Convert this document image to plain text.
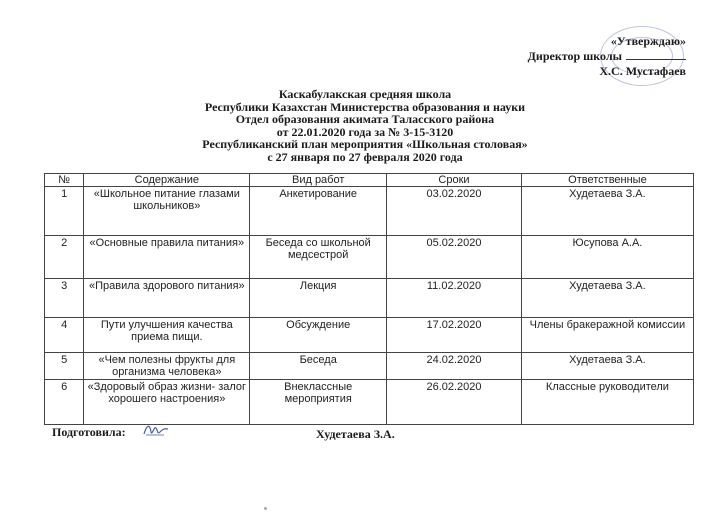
«Утверждаю»
Директор школы
Х.С. Мустафаев
Каскабулакская средняя школа
Республики Казахстан Министерства образования и науки
Отдел образования акимата Таласского района
от 22.01.2020 года за № 3-15-3120
Республиканский план мероприятия «Школьная столовая»
с 27 января по 27 февраля 2020 года
№	Содержание	Вид работ	Сроки	Ответственные
1	«Школьное питание глазами школьников»	Анкетирование	03.02.2020	Худетаева З.А.
2	«Основные правила питания»	Беседа со школьной медсестрой	05.02.2020	Юсупова А.А.
3	«Правила здорового питания»	Лекция	11.02.2020	Худетаева З.А.
4	Пути улучшения качества приема пищи.	Обсуждение	17.02.2020	Члены бракеражной комиссии
5	«Чем полезны фрукты для организма человека»	Беседа	24.02.2020	Худетаева З.А.
6	«Здоровый образ жизни- залог хорошего настроения»	Внеклассные мероприятия	26.02.2020	Классные руководители
Подготовила:	Худетаева З.А.
